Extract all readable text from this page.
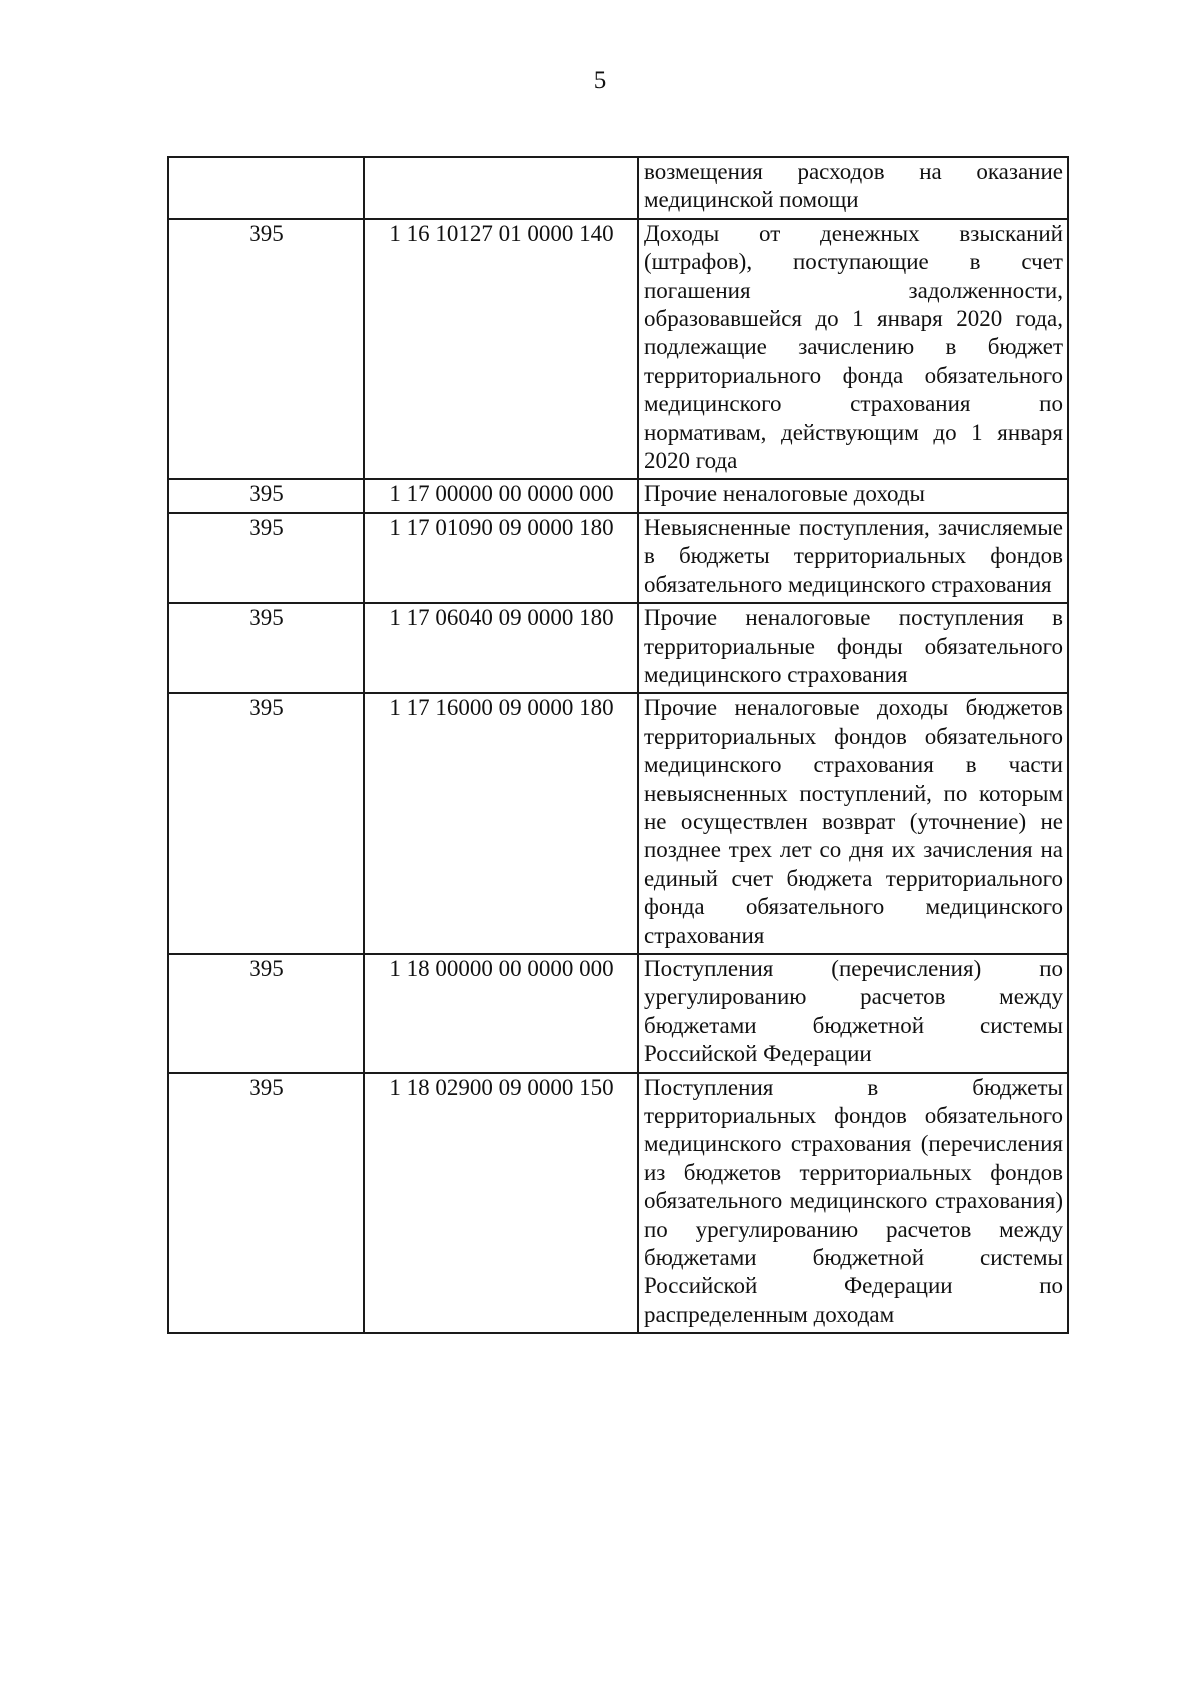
5
		возмещения расходов на оказание медицинской помощи
395	1 16 10127 01 0000 140	Доходы от денежных взысканий (штрафов), поступающие в счет погашения задолженности, образовавшейся до 1 января 2020 года, подлежащие зачислению в бюджет территориального фонда обязательного медицинского страхования по нормативам, действующим до 1 января 2020 года
395	1 17 00000 00 0000 000	Прочие неналоговые доходы
395	1 17 01090 09 0000 180	Невыясненные поступления, зачисляемые в бюджеты территориальных фондов обязательного медицинского страхования
395	1 17 06040 09 0000 180	Прочие неналоговые поступления в территориальные фонды обязательного медицинского страхования
395	1 17 16000 09 0000 180	Прочие неналоговые доходы бюджетов территориальных фондов обязательного медицинского страхования в части невыясненных поступлений, по которым не осуществлен возврат (уточнение) не позднее трех лет со дня их зачисления на единый счет бюджета территориального фонда обязательного медицинского страхования
395	1 18 00000 00 0000 000	Поступления (перечисления) по урегулированию расчетов между бюджетами бюджетной системы Российской Федерации
395	1 18 02900 09 0000 150	Поступления в бюджеты территориальных фондов обязательного медицинского страхования (перечисления из бюджетов территориальных фондов обязательного медицинского страхования) по урегулированию расчетов между бюджетами бюджетной системы Российской Федерации по распределенным доходам
